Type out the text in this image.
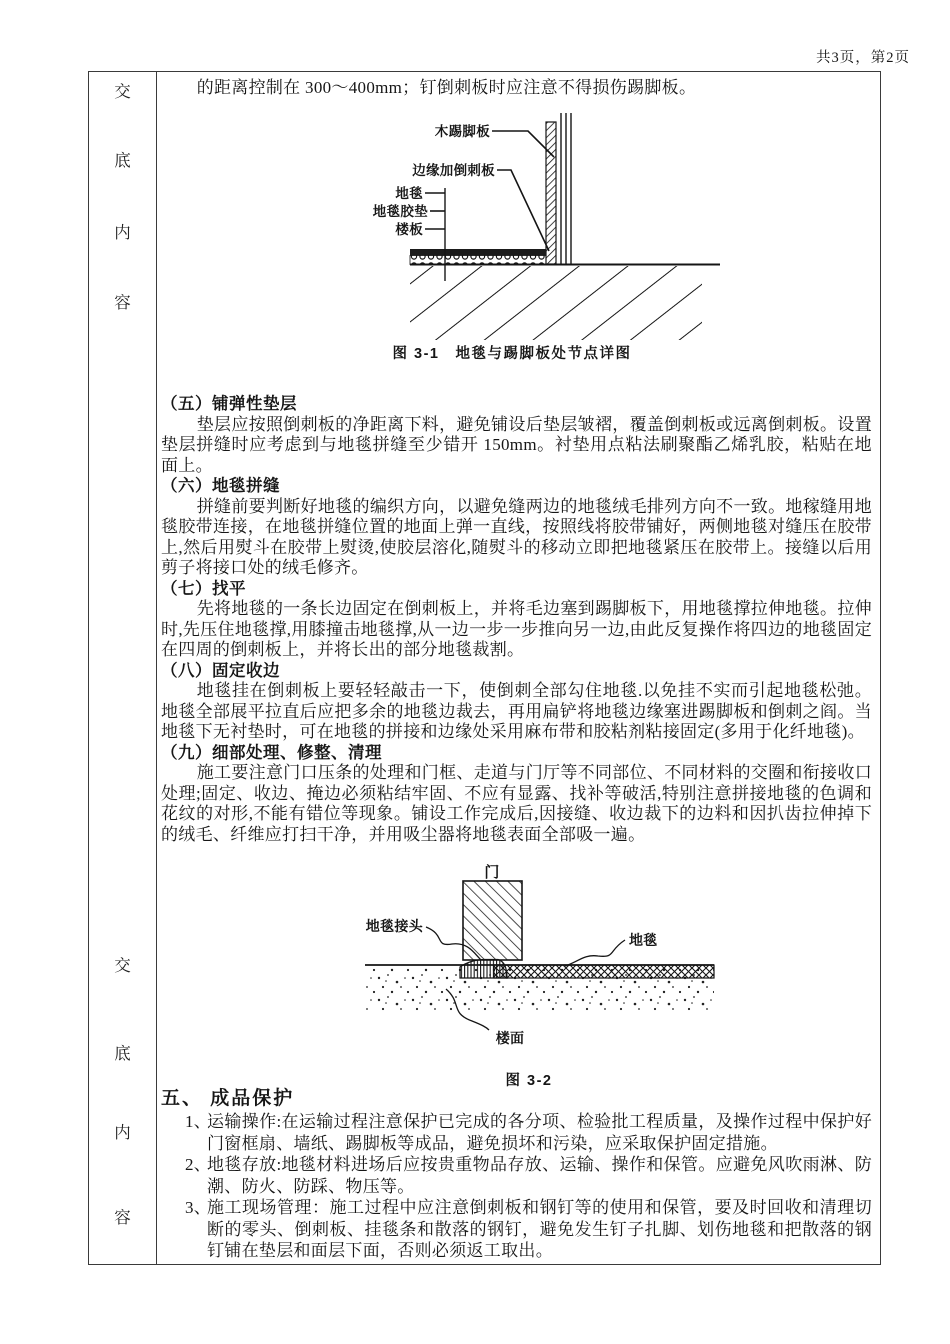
共3页，第2页
交
底
内
容
交
底
内
容
的距离控制在 300～400mm；钉倒刺板时应注意不得损伤踢脚板。
木踢脚板
边缘加倒刺板
地毯
地毯胶垫
楼板
图 3-1　地毯与踢脚板处节点详图
（五）铺弹性垫层
垫层应按照倒刺板的净距离下料，避免铺设后垫层皱褶，覆盖倒刺板或远离倒刺板。设置垫层拼缝时应考虑到与地毯拼缝至少错开 150mm。衬垫用点粘法刷聚酯乙烯乳胶，粘贴在地面上。
（六）地毯拼缝
拼缝前要判断好地毯的编织方向，以避免缝两边的地毯绒毛排列方向不一致。地稼缝用地毯胶带连接，在地毯拼缝位置的地面上弹一直线，按照线将胶带铺好，两侧地毯对缝压在胶带上,然后用熨斗在胶带上熨烫,使胶层溶化,随熨斗的移动立即把地毯紧压在胶带上。接缝以后用剪子将接口处的绒毛修齐。
（七）找平
先将地毯的一条长边固定在倒刺板上，并将毛边塞到踢脚板下，用地毯撑拉伸地毯。拉伸时,先压住地毯撑,用膝撞击地毯撑,从一边一步一步推向另一边,由此反复操作将四边的地毯固定在四周的倒刺板上，并将长出的部分地毯裁割。
（八）固定收边
地毯挂在倒刺板上要轻轻敲击一下，使倒刺全部勾住地毯.以免挂不实而引起地毯松弛。地毯全部展平拉直后应把多余的地毯边裁去，再用扁铲将地毯边缘塞进踢脚板和倒刺之阎。当地毯下无衬垫时，可在地毯的拼接和边缘处采用麻布带和胶粘剂粘接固定(多用于化纤地毯)。
（九）细部处理、修整、清理
施工要注意门口压条的处理和门框、走道与门厅等不同部位、不同材料的交圈和衔接收口处理;固定、收边、掩边必须粘结牢固、不应有显露、找补等破活,特别注意拼接地毯的色调和花纹的对形,不能有错位等现象。铺设工作完成后,因接缝、收边裁下的边料和因扒齿拉伸掉下的绒毛、纤维应打扫干净，并用吸尘器将地毯表面全部吸一遍。
门
地毯接头
地毯
楼面
图 3-2
五、 成品保护
1、
运输操作:在运输过程注意保护已完成的各分项、检验批工程质量，及操作过程中保护好门窗框扇、墙纸、踢脚板等成品，避免损坏和污染，应采取保护固定措施。
2、
地毯存放:地毯材料进场后应按贵重物品存放、运输、操作和保管。应避免风吹雨淋、防潮、防火、防踩、物压等。
3、
施工现场管理：施工过程中应注意倒刺板和钢钉等的使用和保管，要及时回收和清理切断的零头、倒刺板、挂毯条和散落的钢钉，避免发生钉子扎脚、划伤地毯和把散落的钢钉铺在垫层和面层下面，否则必须返工取出。
